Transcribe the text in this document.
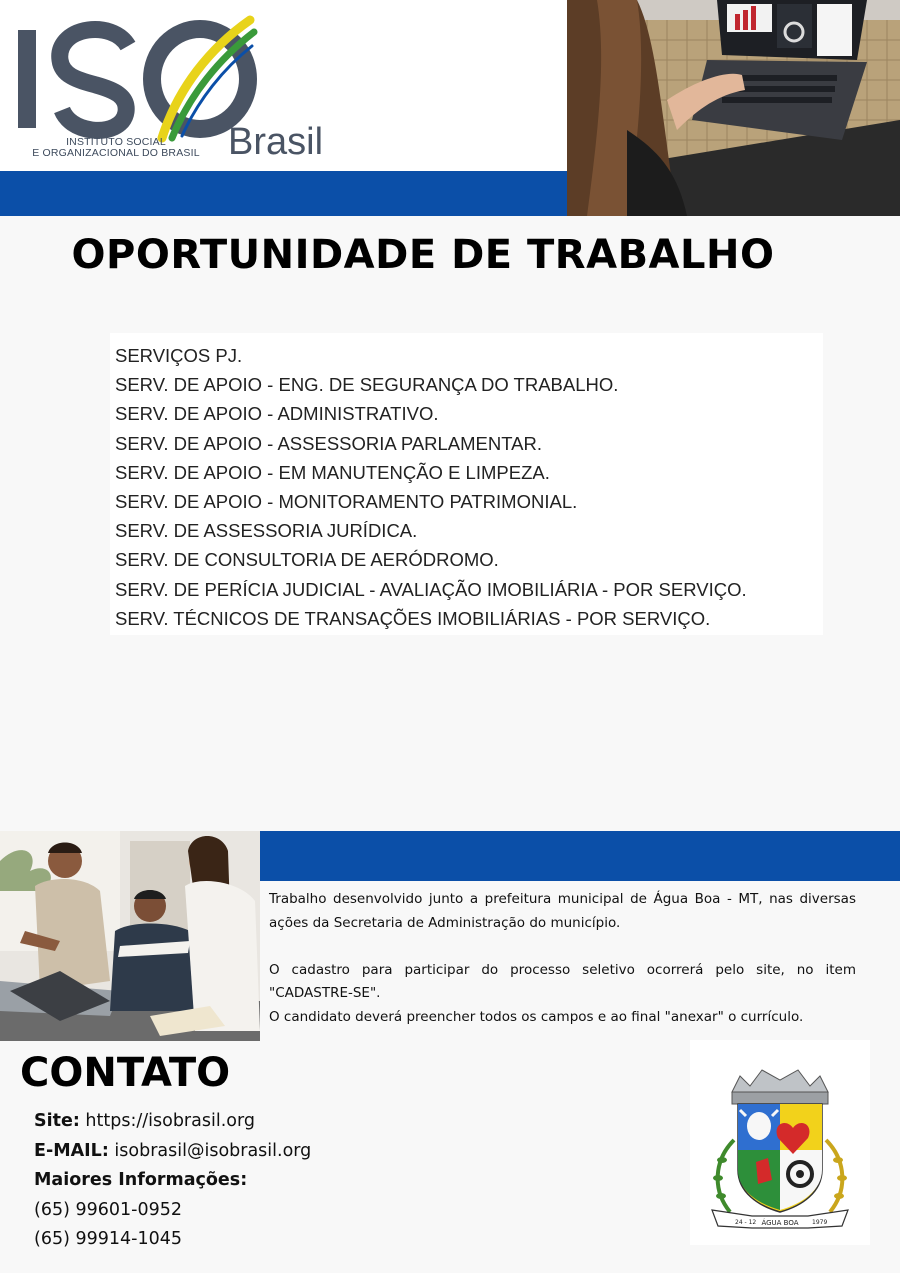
INSTITUTO SOCIAL
E ORGANIZACIONAL DO BRASIL Brasil
OPORTUNIDADE DE TRABALHO
SERVIÇOS PJ.
SERV. DE APOIO - ENG. DE SEGURANÇA DO TRABALHO.
SERV. DE APOIO - ADMINISTRATIVO.
SERV. DE APOIO - ASSESSORIA PARLAMENTAR.
SERV. DE APOIO - EM MANUTENÇÃO E LIMPEZA.
SERV. DE APOIO - MONITORAMENTO PATRIMONIAL.
SERV. DE ASSESSORIA JURÍDICA.
SERV. DE CONSULTORIA DE AERÓDROMO.
SERV. DE PERÍCIA JUDICIAL - AVALIAÇÃO IMOBILIÁRIA - POR SERVIÇO.
SERV. TÉCNICOS DE TRANSAÇÕES IMOBILIÁRIAS - POR SERVIÇO.

Trabalho desenvolvido junto a prefeitura municipal de Água Boa - MT, nas diversas ações da Secretaria de Administração do município.

O cadastro para participar do processo seletivo ocorrerá pelo site, no item "CADASTRE-SE".

O candidato deverá preencher todos os campos e ao final "anexar" o currículo.

CONTATO
Site: https://isobrasil.org
E-MAIL: isobrasil@isobrasil.org
Maiores Informações:
(65) 99601-0952
(65) 99914-1045
24 - 12 ÁGUA BOA 1979
